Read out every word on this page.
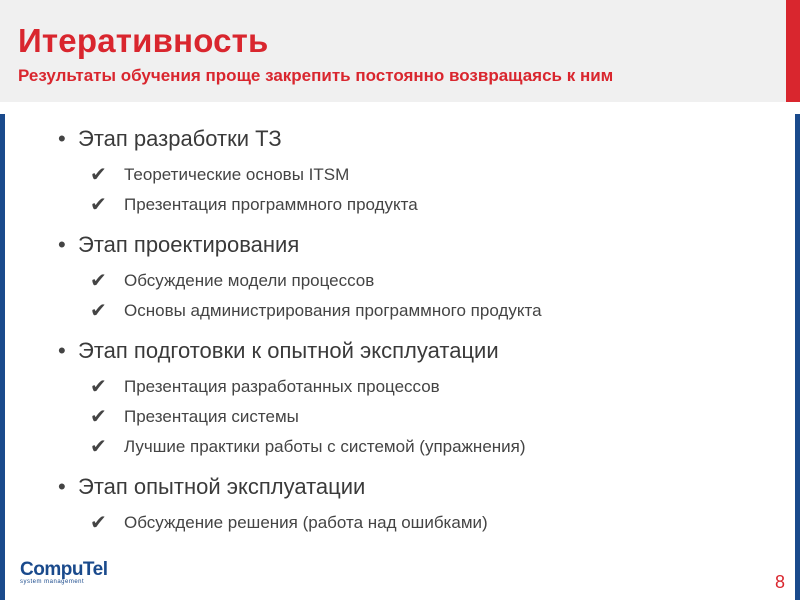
Итеративность
Результаты обучения проще закрепить постоянно возвращаясь к ним
• Этап разработки ТЗ
✔	Теоретические основы ITSM
✔	Презентация программного продукта
• Этап проектирования
✔	Обсуждение модели процессов
✔	Основы администрирования программного продукта
• Этап подготовки к опытной эксплуатации
✔	Презентация разработанных процессов
✔	Презентация системы
✔	Лучшие практики работы с системой (упражнения)
• Этап опытной эксплуатации
✔	Обсуждение решения (работа над ошибками)
CompuTel
system management	8
